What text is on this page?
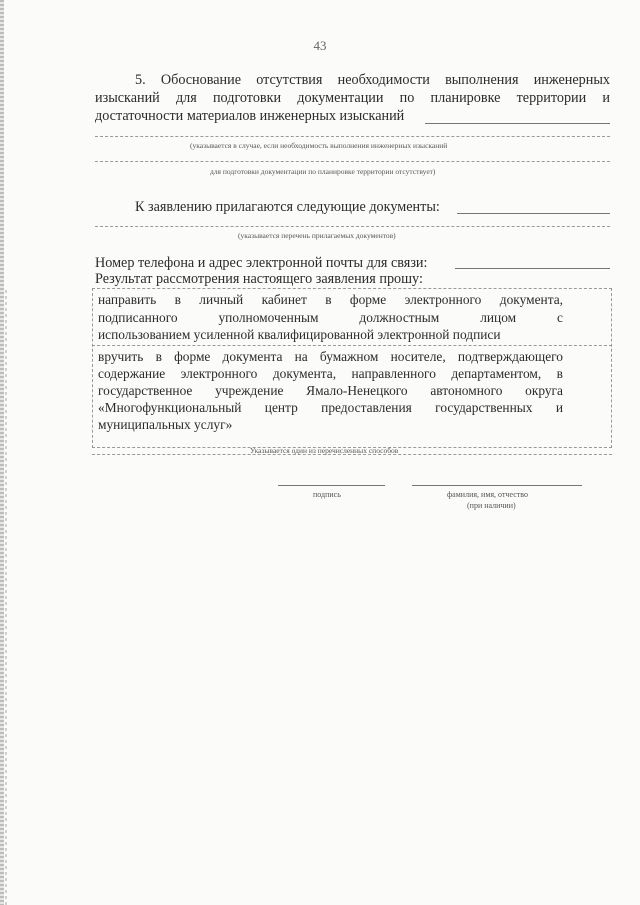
43
5. Обоснование отсутствия необходимости выполнения инженерных
изысканий для подготовки документации по планировке территории и
достаточности материалов инженерных изысканий
(указывается в случае, если необходимость выполнения инженерных изысканий
для подготовки документации по планировке территории отсутствует)
К заявлению прилагаются следующие документы:
(указывается перечень прилагаемых документов)
Номер телефона и адрес электронной почты для связи:
Результат рассмотрения настоящего заявления прошу:
направить в личный кабинет в форме электронного документа,
подписанного уполномоченным должностным лицом с
использованием усиленной квалифицированной электронной подписи
вручить в форме документа на бумажном носителе, подтверждающего
содержание электронного документа, направленного департаментом, в
государственное учреждение Ямало-Ненецкого автономного округа
«Многофункциональный центр предоставления государственных и
муниципальных услуг»
Указывается один из перечисленных способов
подпись	фамилия, имя, отчество
(при наличии)
